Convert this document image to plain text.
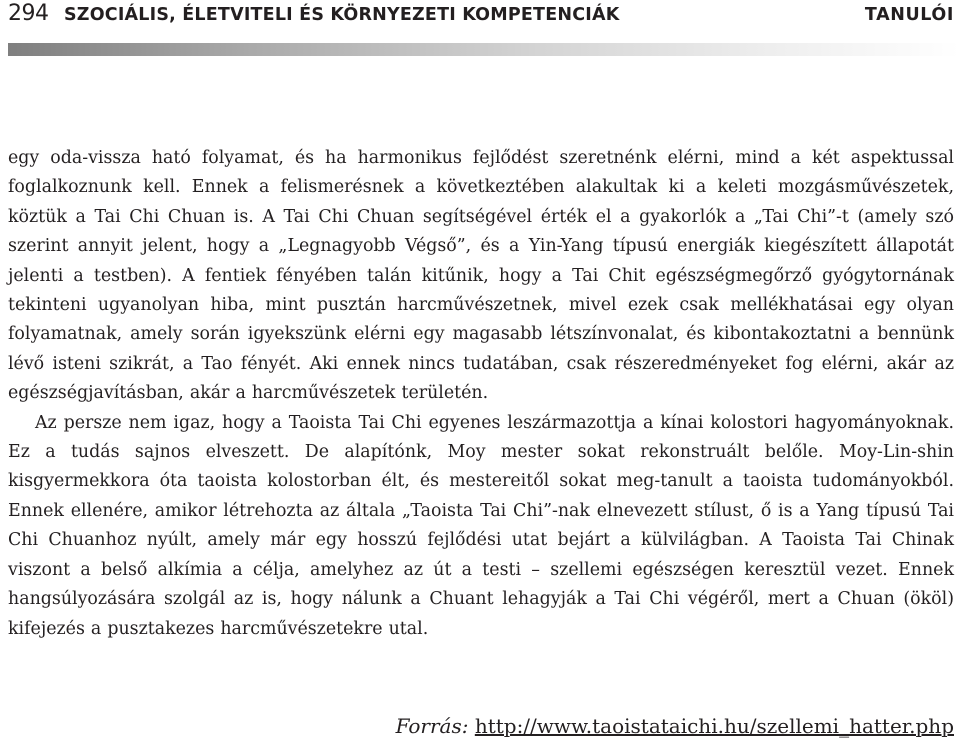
294 SZOCIÁLIS, ÉLETVITELI ÉS KÖRNYEZETI KOMPETENCIÁK	TANULÓI

egy oda-vissza ható folyamat, és ha harmonikus fejlődést szeretnénk elérni, mind a két aspektussal foglalkoznunk kell. Ennek a felismerésnek a következtében alakultak ki a keleti mozgásművészetek, köztük a Tai Chi Chuan is. A Tai Chi Chuan segítségével érték el a gyakorlók a „Tai Chi”-t (amely szó szerint annyit jelent, hogy a „Legnagyobb Végső”, és a Yin-Yang típusú energiák kiegészített állapotát jelenti a testben). A fentiek fényében talán kitűnik, hogy a Tai Chit egészségmegőrző gyógytornának tekinteni ugyanolyan hiba, mint pusztán harcművészetnek, mivel ezek csak mellékhatásai egy olyan folyamatnak, amely során igyekszünk elérni egy magasabb létszínvonalat, és kibontakoztatni a bennünk lévő isteni szikrát, a Tao fényét. Aki ennek nincs tudatában, csak részeredményeket fog elérni, akár az egészségjavításban, akár a harcművészetek területén.

Az persze nem igaz, hogy a Taoista Tai Chi egyenes leszármazottja a kínai kolostori hagyományoknak. Ez a tudás sajnos elveszett. De alapítónk, Moy mester sokat rekonstruált belőle. Moy-Lin-shin kisgyermekkora óta taoista kolostorban élt, és mestereitől sokat meg-tanult a taoista tudományokból. Ennek ellenére, amikor létrehozta az általa „Taoista Tai Chi”-nak elnevezett stílust, ő is a Yang típusú Tai Chi Chuanhoz nyúlt, amely már egy hosszú fejlődési utat bejárt a külvilágban. A Taoista Tai Chinak viszont a belső alkímia a célja, amelyhez az út a testi – szellemi egészségen keresztül vezet. Ennek hangsúlyozására szolgál az is, hogy nálunk a Chuant lehagyják a Tai Chi végéről, mert a Chuan (ököl) kifejezés a pusztakezes harcművészetekre utal.

Forrás: http://www.taoistataichi.hu/szellemi_hatter.php
